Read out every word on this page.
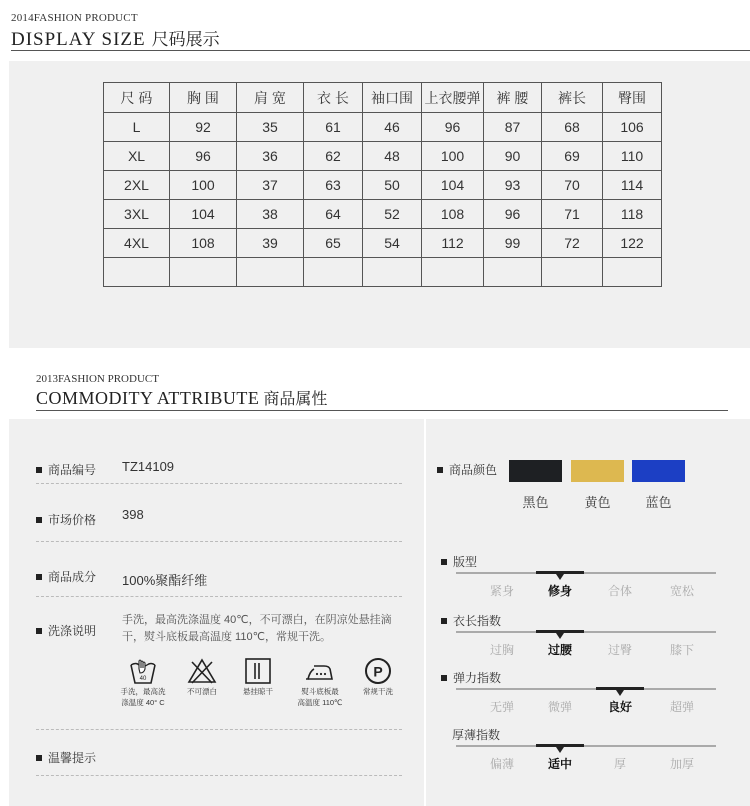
2014FASHION PRODUCT
DISPLAY SIZE 尺码展示
尺 码	胸 围	肩 宽	衣 长	袖口围	上衣腰弹	裤 腰	裤长	臀围
L	92	35	61	46	96	87	68	106
XL	96	36	62	48	100	90	69	110
2XL	100	37	63	50	104	93	70	114
3XL	104	38	64	52	108	96	71	118
4XL	108	39	65	54	112	99	72	122

2013FASHION PRODUCT
COMMODITY ATTRIBUTE 商品属性
商品编号 TZ14109
市场价格 398
商品成分 100%聚酯纤维
洗涤说明
手洗，最高洗涤温度 40℃，不可漂白，在阴凉处悬挂滴干，熨斗底板最高温度 110℃，常规干洗。
40
手洗，最高洗
涤温度 40° C
不可漂白	悬挂晾干	熨斗底板最
高温度 110℃
P
常规干洗
温馨提示
商品颜色
黑色	黄色	蓝色
版型
紧身	修身	合体	宽松
衣长指数
过胸	过腰	过臀	膝下
弹力指数
无弹	微弹	良好	超弹
厚薄指数
偏薄	适中	厚	加厚
